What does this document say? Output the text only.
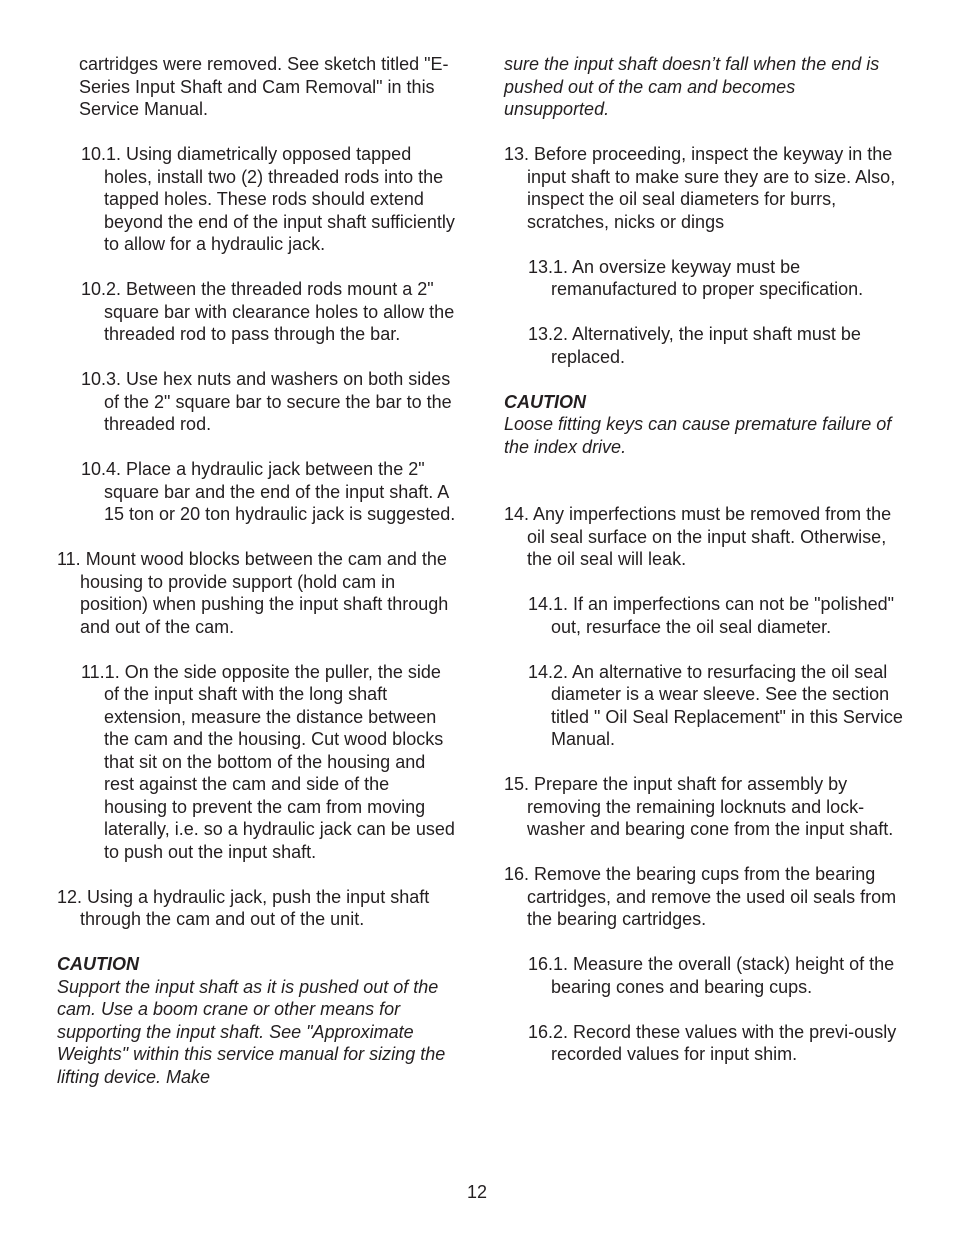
cartridges were removed. See sketch titled "E-Series Input Shaft and Cam Removal" in this Service Manual.

10.1. Using diametrically opposed tapped holes, install two (2) threaded rods into the tapped holes. These rods should extend beyond the end of the input shaft sufficiently to allow for a hydraulic jack.

10.2. Between the threaded rods mount a 2" square bar with clearance holes to allow the threaded rod to pass through the bar.

10.3. Use hex nuts and washers on both sides of the 2" square bar to secure the bar to the threaded rod.

10.4. Place a hydraulic jack between the 2" square bar and the end of the input shaft. A 15 ton or 20 ton hydraulic jack is suggested.

11. Mount wood blocks between the cam and the housing to provide support (hold cam in position) when pushing the input shaft through and out of the cam.

11.1. On the side opposite the puller, the side of the input shaft with the long shaft extension, measure the distance between the cam and the housing. Cut wood blocks that sit on the bottom of the housing and rest against the cam and side of the housing to prevent the cam from moving laterally, i.e. so a hydraulic jack can be used to push out the input shaft.

12. Using a hydraulic jack, push the input shaft through the cam and out of the unit.

CAUTION

Support the input shaft as it is pushed out of the cam. Use a boom crane or other means for supporting the input shaft. See "Approximate Weights" within this service manual for sizing the lifting device. Make

sure the input shaft doesn’t fall when the end is pushed out of the cam and becomes unsupported.

13. Before proceeding, inspect the keyway in the input shaft to make sure they are to size. Also, inspect the oil seal diameters for burrs, scratches, nicks or dings

13.1. An oversize keyway must be remanufactured to proper specification.

13.2. Alternatively, the input shaft must be replaced.

CAUTION

Loose fitting keys can cause premature failure of the index drive.

14. Any imperfections must be removed from the oil seal surface on the input shaft. Otherwise, the oil seal will leak.

14.1. If an imperfections can not be "polished" out, resurface the oil seal diameter.

14.2. An alternative to resurfacing the oil seal diameter is a wear sleeve. See the section titled " Oil Seal Replacement" in this Service Manual.

15. Prepare the input shaft for assembly by removing the remaining locknuts and lock-washer and bearing cone from the input shaft.

16. Remove the bearing cups from the bearing cartridges, and remove the used oil seals from the bearing cartridges.

16.1. Measure the overall (stack) height of the bearing cones and bearing cups.

16.2. Record these values with the previ-ously recorded values for input shim.

12
